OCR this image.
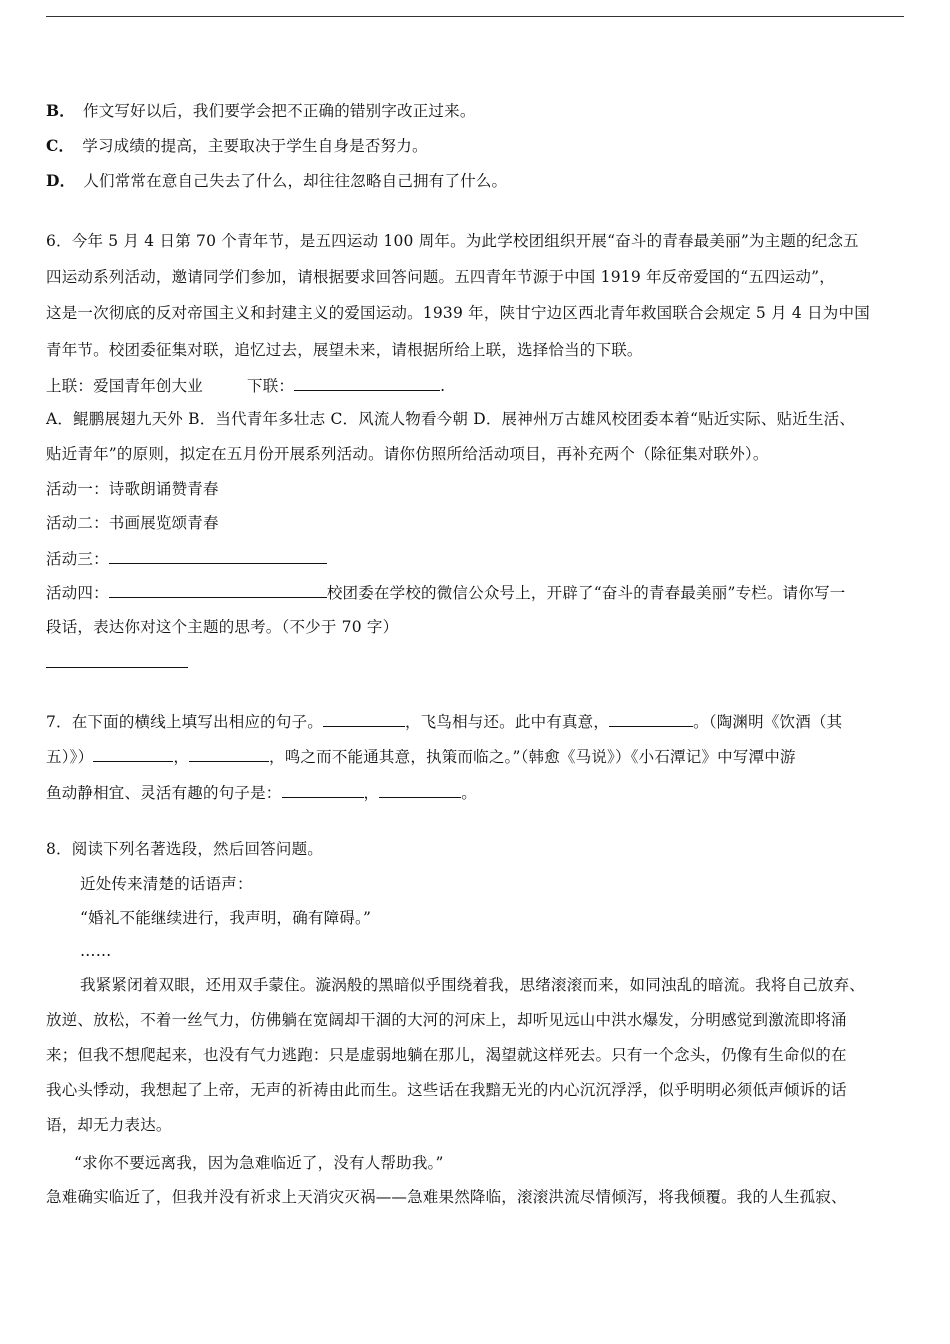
B． 作文写好以后，我们要学会把不正确的错别字改正过来。
C． 学习成绩的提高，主要取决于学生自身是否努力。
D． 人们常常在意自己失去了什么，却往往忽略自己拥有了什么。
6．今年 5 月 4 日第 70 个青年节，是五四运动 100 周年。为此学校团组织开展“奋斗的青春最美丽”为主题的纪念五
四运动系列活动，邀请同学们参加，请根据要求回答问题。五四青年节源于中国 1919 年反帝爱国的“五四运动”，
这是一次彻底的反对帝国主义和封建主义的爱国运动。1939 年，陕甘宁边区西北青年救国联合会规定 5 月 4 日为中国
青年节。校团委征集对联，追忆过去，展望未来，请根据所给上联，选择恰当的下联。
上联：爱国青年创大业	下联：	.
A．鲲鹏展翅九天外 B．当代青年多壮志 C．风流人物看今朝 D．展神州万古雄风校团委本着“贴近实际、贴近生活、
贴近青年”的原则，拟定在五月份开展系列活动。请你仿照所给活动项目，再补充两个（除征集对联外）。
活动一：诗歌朗诵赞青春
活动二：书画展览颂青春
活动三：
活动四：	校团委在学校的微信公众号上，开辟了“奋斗的青春最美丽”专栏。请你写一
段话，表达你对这个主题的思考。（不少于 70 字）
7．在下面的横线上填写出相应的句子。	，飞鸟相与还。此中有真意，	。（陶渊明《饮酒（其
五）》）	，	，鸣之而不能通其意，执策而临之。”（韩愈《马说》）《小石潭记》中写潭中游
鱼动静相宜、灵活有趣的句子是：	，	。
8．阅读下列名著选段，然后回答问题。
近处传来清楚的话语声：
“婚礼不能继续进行，我声明，确有障碍。”
……
我紧紧闭着双眼，还用双手蒙住。漩涡般的黑暗似乎围绕着我，思绪滚滚而来，如同浊乱的暗流。我将自己放弃、
放逆、放松，不着一丝气力，仿佛躺在宽阔却干涸的大河的河床上，却听见远山中洪水爆发，分明感觉到激流即将涌
来；但我不想爬起来，也没有气力逃跑：只是虚弱地躺在那儿，渴望就这样死去。只有一个念头，仍像有生命似的在
我心头悸动，我想起了上帝，无声的祈祷由此而生。这些话在我黯无光的内心沉沉浮浮，似乎明明必须低声倾诉的话
语，却无力表达。
“求你不要远离我，因为急难临近了，没有人帮助我。”
急难确实临近了，但我并没有祈求上天消灾灭祸——急难果然降临，滚滚洪流尽情倾泻，将我倾覆。我的人生孤寂、
